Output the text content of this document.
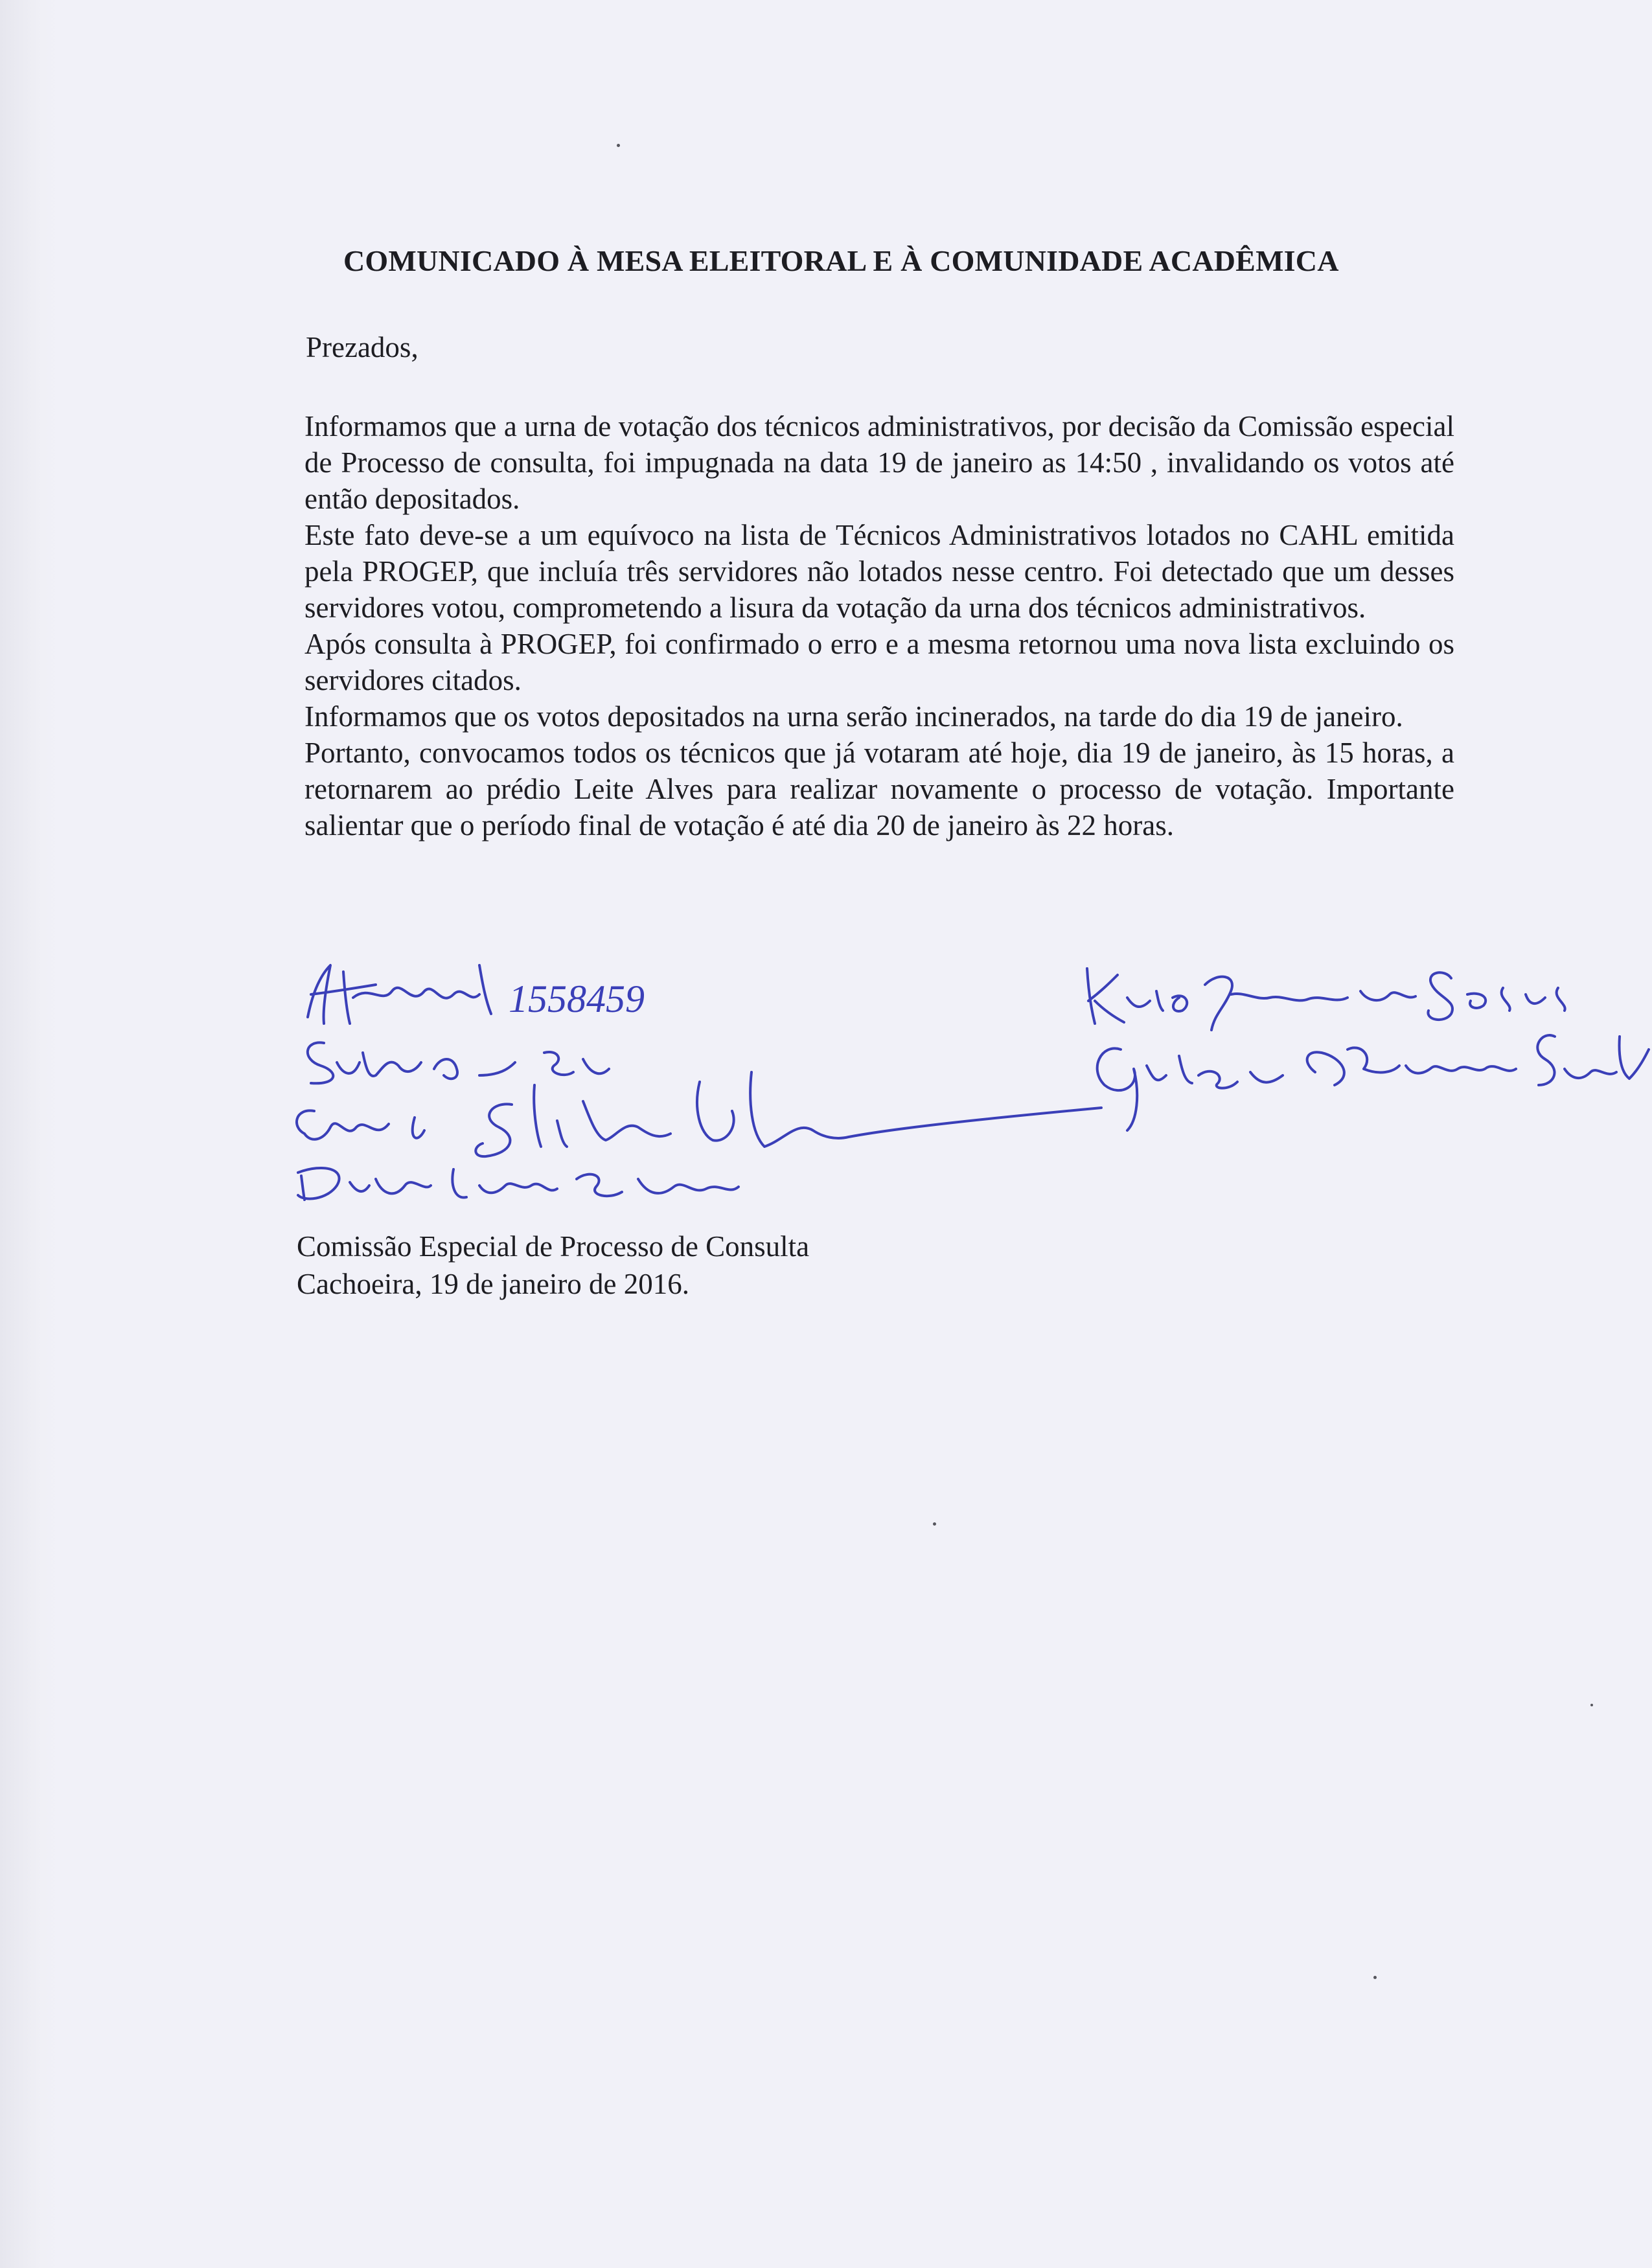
COMUNICADO À MESA ELEITORAL E À COMUNIDADE ACADÊMICA
Prezados,

Informamos que a urna de votação dos técnicos administrativos, por decisão da Comissão especial de Processo de consulta, foi impugnada na data 19 de janeiro as 14:50 , invalidando os votos até então depositados.

Este fato deve-se a um equívoco na lista de Técnicos Administrativos lotados no CAHL emitida pela PROGEP, que incluía três servidores não lotados nesse centro. Foi detectado que um desses servidores votou, comprometendo a lisura da votação da urna dos técnicos administrativos.

Após consulta à PROGEP, foi confirmado o erro e a mesma retornou uma nova lista excluindo os servidores citados.

Informamos que os votos depositados na urna serão incinerados, na tarde do dia 19 de janeiro.

Portanto, convocamos todos os técnicos que já votaram até hoje, dia 19 de janeiro, às 15 horas, a retornarem ao prédio Leite Alves para realizar novamente o processo de votação. Importante salientar que o período final de votação é até dia 20 de janeiro às 22 horas.

1558459
Comissão Especial de Processo de Consulta
Cachoeira, 19 de janeiro de 2016.
